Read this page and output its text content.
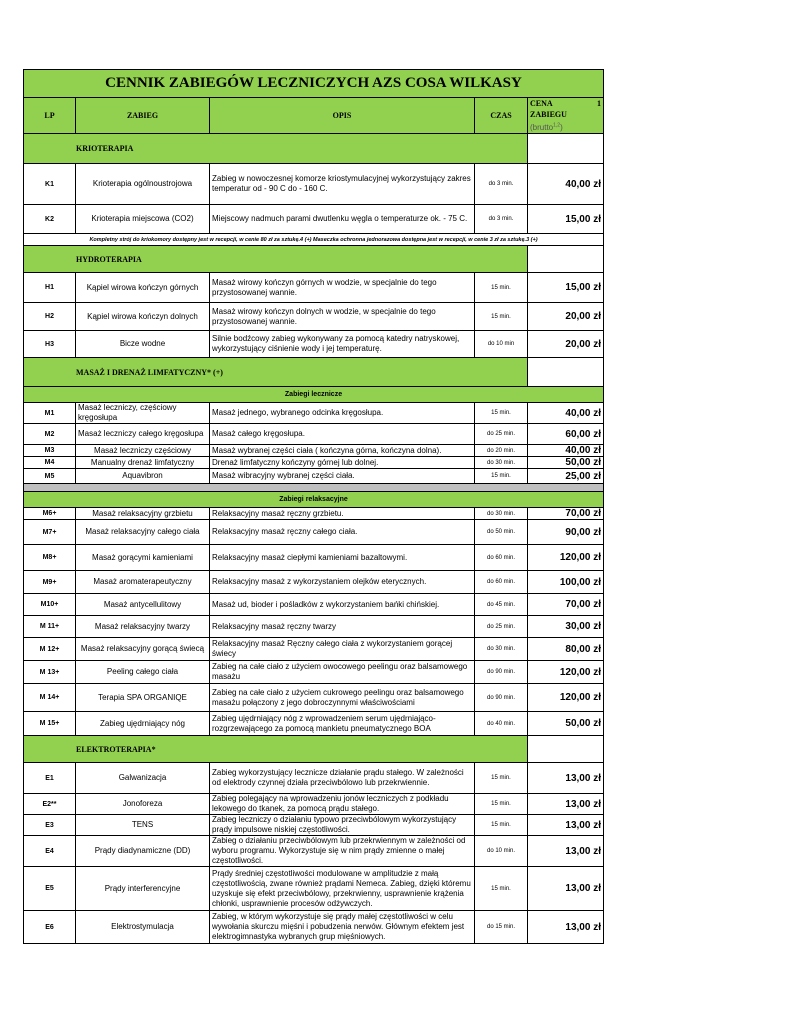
CENNIK ZABIEGÓW LECZNICZYCH AZS COSA WILKASY				
LP	ZABIEG	OPIS	CZAS	CENA 1
ZABIEGU (brutto$^{1,2}$)

KRIOTERAPIA				
K1	Krioterapia ogólnoustrojowa	Zabieg w nowoczesnej komorze kriostymulacyjnej wykorzystujący zakres temperatur od - 90 C do - 160 C.	do 3 min.	40,00 zł
K2	Krioterapia miejscowa (CO2)	Miejscowy nadmuch parami dwutlenku węgla o temperaturze ok. - 75 C.	do 3 min.	15,00 zł
Kompletny strój do kriokomory dostępny jest w recepcji, w cenie 80 zł za sztukę.4 (+) Maseczka ochronna jednorazowa dostępna jest w recepcji, w cenie 3 zł za sztukę.3 (+)				
HYDROTERAPIA				
H1	Kąpiel wirowa kończyn górnych	Masaż wirowy kończyn górnych w wodzie, w specjalnie do tego przystosowanej wannie.	15 min.	15,00 zł
H2	Kąpiel wirowa kończyn dolnych	Masaż wirowy kończyn dolnych w wodzie, w specjalnie do tego przystosowanej wannie.	15 min.	20,00 zł
H3	Bicze wodne	Silnie bodźcowy zabieg wykonywany za pomocą katedry natryskowej, wykorzystujący ciśnienie wody i jej temperaturę.	do 10 min	20,00 zł
MASAŻ I DRENAŻ LIMFATYCZNY* (+)				
Zabiegi lecznicze				
M1	Masaż leczniczy, częściowy kręgosłupa	Masaż jednego, wybranego odcinka kręgosłupa.	15 min.	40,00 zł
M2	Masaż leczniczy całego kręgosłupa	Masaż całego kręgosłupa.	do 25 min.	60,00 zł
M3	Masaż leczniczy częściowy	Masaż wybranej części ciała ( kończyna górna, kończyna dolna).	do 20 min.	40,00 zł
M4	Manualny drenaż limfatyczny	Drenaż limfatyczny kończyny górnej lub dolnej.	do 30 min.	50,00 zł
M5	Aquavibron	Masaż wibracyjny wybranej części ciała.	15 min.	25,00 zł

Zabiegi relaksacyjne				
M6+	Masaż relaksacyjny grzbietu	Relaksacyjny masaż ręczny grzbietu.	do 30 min.	70,00 zł
M7+	Masaż relaksacyjny całego ciała	Relaksacyjny masaż ręczny całego ciała.	do 50 min.	90,00 zł
M8+	Masaż gorącymi kamieniami	Relaksacyjny masaż ciepłymi kamieniami bazaltowymi.	do 60 min.	120,00 zł
M9+	Masaż aromaterapeutyczny	Relaksacyjny masaż z wykorzystaniem olejków eterycznych.	do 60 min.	100,00 zł
M10+	Masaż antycellulitowy	Masaż ud, bioder i pośladków z wykorzystaniem bańki chińskiej.	do 45 min.	70,00 zł
M 11+	Masaż relaksacyjny twarzy	Relaksacyjny masaż ręczny twarzy	do 25 min.	30,00 zł
M 12+	Masaż relaksacyjny gorącą świecą	Relaksacyjny masaż Ręczny całego ciała z wykorzystaniem gorącej świecy	do 30 min.	80,00 zł
M 13+	Peeling całego ciała	Zabieg na całe ciało z użyciem owocowego peelingu oraz balsamowego masażu	do 90 min.	120,00 zł
M 14+	Terapia SPA ORGANIQE	Zabieg na całe ciało z użyciem cukrowego peelingu oraz balsamowego masażu połączony z jego dobroczynnymi właściwościami	do 90 min.	120,00 zł
M 15+	Zabieg ujędrniający nóg	Zabieg ujędrniający nóg z wprowadzeniem serum ujędrniająco-rozgrzewającego za pomocą mankietu pneumatycznego BOA	do 40 min.	50,00 zł
ELEKTROTERAPIA*				
E1	Galwanizacja	Zabieg wykorzystujący lecznicze działanie prądu stałego. W zależności od elektrody czynnej działa przeciwbólowo lub przekrwiennie.	15 min.	13,00 zł
E2**	Jonoforeza	Zabieg polegający na wprowadzeniu jonów leczniczych z podkładu lekowego do tkanek, za pomocą prądu stałego.	15 min.	13,00 zł
E3	TENS	Zabieg leczniczy o działaniu typowo przeciwbólowym wykorzystujący prądy impulsowe niskiej częstotliwości.	15 min.	13,00 zł
E4	Prądy diadynamiczne (DD)	Zabieg o działaniu przeciwbólowym lub przekrwiennym w zależności od wyboru programu. Wykorzystuje się w nim prądy zmienne o małej częstotliwości.	do 10 min.	13,00 zł
E5	Prądy interferencyjne	Prądy średniej częstotliwości modulowane w amplitudzie z małą częstotliwością, zwane również prądami Nemeca. Zabieg, dzięki któremu uzyskuje się efekt przeciwbólowy, przekrwienny, usprawnienie krążenia chłonki, usprawnienie procesów odżywczych.	15 min.	13,00 zł
E6	Elektrostymulacja	Zabieg, w którym wykorzystuje się prądy małej częstotliwości w celu wywołania skurczu mięśni i pobudzenia nerwów. Głównym efektem jest elektrogimnastyka wybranych grup mięśniowych.	do 15 min.	13,00 zł
